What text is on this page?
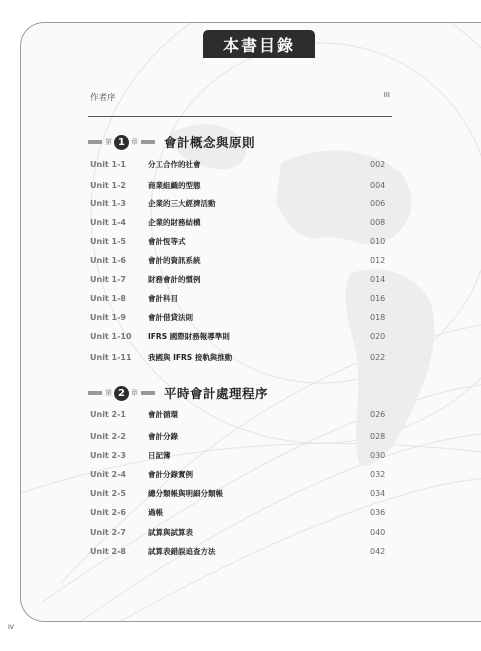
本書目錄
作者序	III
第 1 章 會計概念與原則
Unit 1-1	分工合作的社會	002
Unit 1-2	商業組織的型態	004
Unit 1-3	企業的三大經濟活動	006
Unit 1-4	企業的財務結構	008
Unit 1-5	會計恆等式	010
Unit 1-6	會計的資訊系統	012
Unit 1-7	財務會計的慣例	014
Unit 1-8	會計科目	016
Unit 1-9	會計借貸法則	018
Unit 1-10	IFRS 國際財務報導準則	020
Unit 1-11	我國與 IFRS 接軌與推動	022
第 2 章 平時會計處理程序
Unit 2-1	會計循環	026
Unit 2-2	會計分錄	028
Unit 2-3	日記簿	030
Unit 2-4	會計分錄實例	032
Unit 2-5	總分類帳與明細分類帳	034
Unit 2-6	過帳	036
Unit 2-7	試算與試算表	040
Unit 2-8	試算表錯誤追查方法	042
IV
